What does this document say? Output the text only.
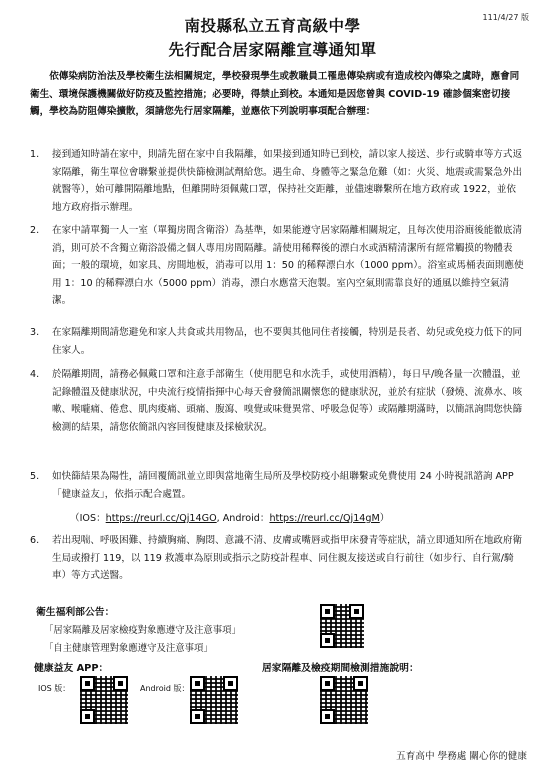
111/4/27 版
南投縣私立五育高級中學
先行配合居家隔離宣導通知單
依傳染病防治法及學校衛生法相關規定，學校發現學生或教職員工罹患傳染病或有造成校內傳染之虞時，應會同衛生、環境保護機關做好防疫及監控措施；必要時，得禁止到校。本通知是因您曾與 COVID-19 確診個案密切接觸，學校為防阻傳染擴散，須請您先行居家隔離，並應依下列說明事項配合辦理：
1.	接到通知時請在家中，則請先留在家中自我隔離，如果接到通知時已到校，請以家人接送、步行或騎車等方式返家隔離，衛生單位會聯繫並提供快篩檢測試劑給您。遇生命、身體等之緊急危難（如：火災、地震或需緊急外出就醫等），始可離開隔離地點，但離開時須佩戴口罩，保持社交距離，並儘速聯繫所在地方政府或 1922，並依地方政府指示辦理。
2.	在家中請單獨一人一室（單獨房間含衛浴）為基準，如果能遵守居家隔離相關規定，且每次使用浴廁後能徹底清消，則可於不含獨立衛浴設備之個人專用房間隔離。請使用稀釋後的漂白水或酒精清潔所有經常觸摸的物體表面；一般的環境，如家具、房間地板，消毒可以用 1：50 的稀釋漂白水（1000 ppm）。浴室或馬桶表面則應使用 1：10 的稀釋漂白水（5000 ppm）消毒，漂白水應當天泡製。室內空氣則需靠良好的通風以維持空氣清潔。
3.	在家隔離期間請您避免和家人共食或共用物品，也不要與其他同住者接觸，特別是長者、幼兒或免疫力低下的同住家人。
4.	於隔離期間，請務必佩戴口罩和注意手部衛生（使用肥皂和水洗手，或使用酒精），每日早/晚各量一次體溫，並記錄體溫及健康狀況，中央流行疫情指揮中心每天會發簡訊關懷您的健康狀況，並於有症狀（發燒、流鼻水、咳嗽、喉嚨痛、倦怠、肌肉痠痛、頭痛、腹瀉、嗅覺或味覺異常、呼吸急促等）或隔離期滿時，以簡訊詢問您快篩檢測的結果，請您依簡訊內容回復健康及採檢狀況。
5.	如快篩結果為陽性，請回覆簡訊並立即與當地衛生局所及學校防疫小組聯繫或免費使用 24 小時視訊諮詢 APP「健康益友」，依指示配合處置。
（IOS：https://reurl.cc/Qj14GO, Android：https://reurl.cc/Qj14gM）
6.	若出現喘、呼吸困難、持續胸痛、胸悶、意識不清、皮膚或嘴唇或指甲床發青等症狀，請立即通知所在地政府衛生局或撥打 119，以 119 救護車為原則或指示之防疫計程車、同住親友接送或自行前往（如步行、自行駕/騎車）等方式送醫。
衛生福利部公告：
「居家隔離及居家檢疫對象應遵守及注意事項」
「自主健康管理對象應遵守及注意事項」
健康益友 APP：	居家隔離及檢疫期間檢測措施說明：
IOS 版：	Android 版：
五育高中 學務處 關心你的健康
